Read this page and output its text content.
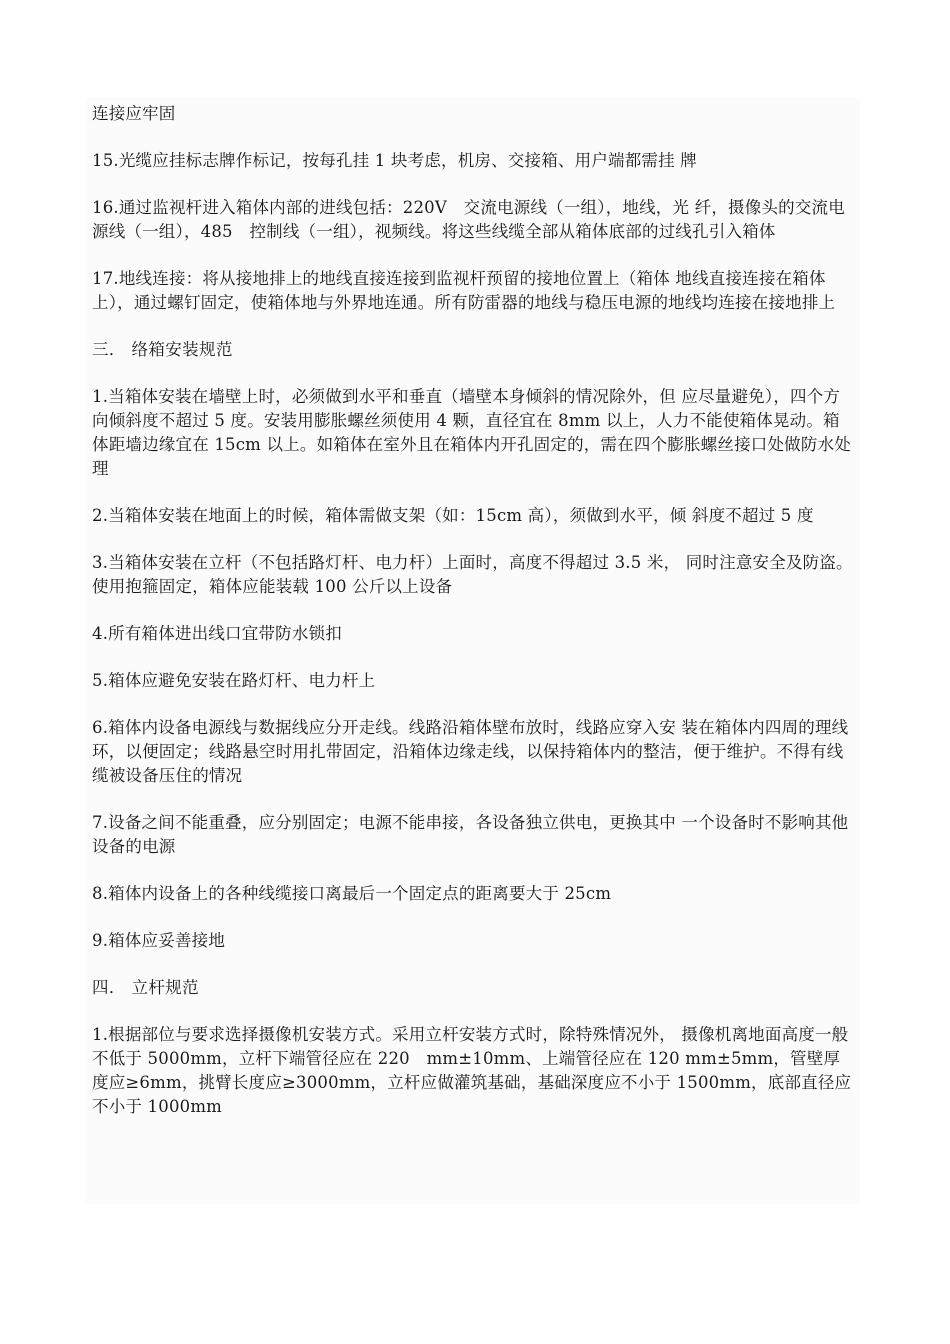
连接应牢固

15.光缆应挂标志牌作标记，按每孔挂 1 块考虑，机房、交接箱、用户端都需挂 牌

16.通过监视杆进入箱体内部的进线包括：220V　交流电源线（一组），地线，光 纤，摄像头的交流电源线（一组），485　控制线（一组），视频线。将这些线缆全部从箱体底部的过线孔引入箱体

17.地线连接：将从接地排上的地线直接连接到监视杆预留的接地位置上（箱体 地线直接连接在箱体上），通过螺钉固定，使箱体地与外界地连通。所有防雷器的地线与稳压电源的地线均连接在接地排上

三． 络箱安装规范

1.当箱体安装在墙壁上时，必须做到水平和垂直（墙壁本身倾斜的情况除外，但 应尽量避免），四个方向倾斜度不超过 5 度。安装用膨胀螺丝须使用 4 颗，直径宜在 8mm 以上，人力不能使箱体晃动。箱体距墙边缘宜在 15cm 以上。如箱体在室外且在箱体内开孔固定的，需在四个膨胀螺丝接口处做防水处理

2.当箱体安装在地面上的时候，箱体需做支架（如：15cm 高），须做到水平，倾 斜度不超过 5 度

3.当箱体安装在立杆（不包括路灯杆、电力杆）上面时，高度不得超过 3.5 米， 同时注意安全及防盗。使用抱箍固定，箱体应能装载 100 公斤以上设备

4.所有箱体进出线口宜带防水锁扣

5.箱体应避免安装在路灯杆、电力杆上

6.箱体内设备电源线与数据线应分开走线。线路沿箱体壁布放时，线路应穿入安 装在箱体内四周的理线环，以便固定；线路悬空时用扎带固定，沿箱体边缘走线，以保持箱体内的整洁，便于维护。不得有线缆被设备压住的情况

7.设备之间不能重叠，应分别固定；电源不能串接，各设备独立供电，更换其中 一个设备时不影响其他设备的电源

8.箱体内设备上的各种线缆接口离最后一个固定点的距离要大于 25cm

9.箱体应妥善接地

四． 立杆规范

1.根据部位与要求选择摄像机安装方式。采用立杆安装方式时，除特殊情况外， 摄像机离地面高度一般不低于 5000mm，立杆下端管径应在 220　mm±10mm、上端管径应在 120 mm±5mm，管壁厚度应≥6mm，挑臂长度应≥3000mm，立杆应做灌筑基础，基础深度应不小于 1500mm，底部直径应不小于 1000mm
